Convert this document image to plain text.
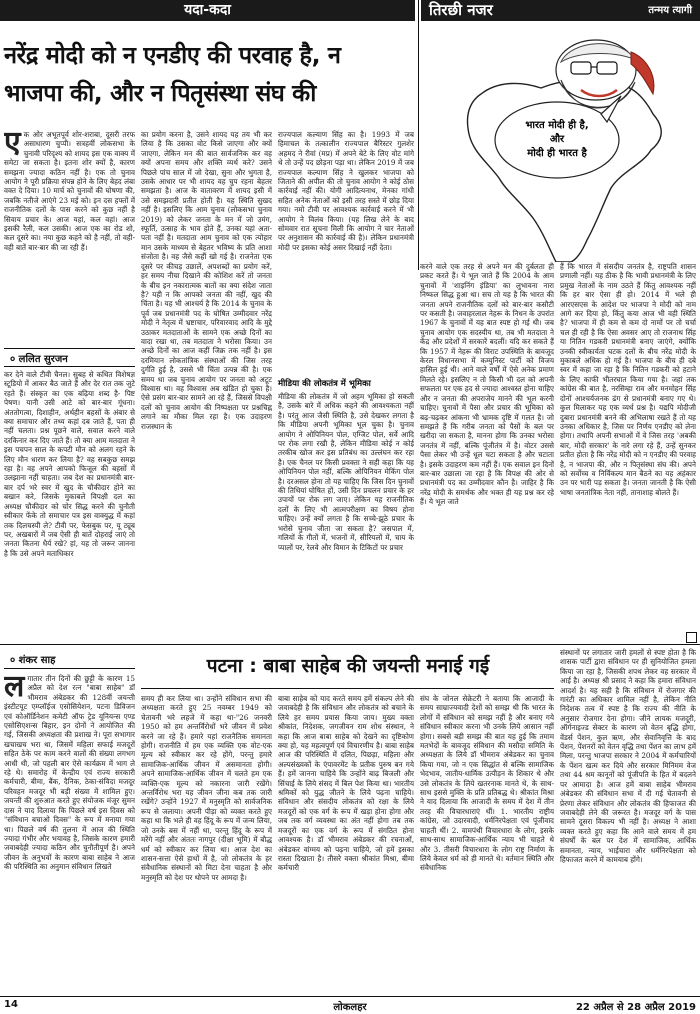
यदा-कदा	तिरछी नजर	तन्मय त्यागी
नरेंद्र मोदी को न एनडीए की परवाह है, न
भाजपा की, और न पितृसंस्था संघ की
भारत मोदी ही है,
और
मोदी ही भारत है
ए क ओर अभूतपूर्व शोर-शराबा, दूसरी तरफ असाधारण चुप्पी। सत्रहवीं लोकसभा के चुनावी परिदृश्य को शायद इस एक वाक्य में समेटा जा सकता है। इतना शोर क्यों है, कारण समझना ज्यादा कठिन नहीं है। एक तो चुनाव आयोग ने पूरी प्रक्रिया संपन्न होने के लिए बेहद लंबा वक्त दे दिया। 10 मार्च को चुनावों की घोषणा की, जबकि नतीजे आएंगे 23 मई को। इन दस हफ्तों में राजनीतिक दलों के पास करने को कुछ नहीं है सिवाय प्रचार के। आज यहां, कल वहां। आज इसकी रैली, कल उसकी। आज एक का रोड शो, कल दूसरे का। नया कुछ कहने को है नहीं, तो वही-वही बातें बार-बार की जा रही हैं।
० ललित सुरजन
कर देने वाले टीवी चैनल। सुबह से कथित विशेषज्ञ स्टूडियो में आकर बैठ जाते हैं और देर रात तक जुटे रहते हैं। संस्कृत का एक बढ़िया शब्द है- पिष्ट पेषण। यानी उसी आटे को बार-बार गूंधना। अंततोगत्वा, दिशाहीन, अर्थहीन बहसों के अंबार से क्या समाचार और तथ्य कहां दब जाते हैं, पता ही नहीं चलता। प्रश्न पूछने वाले, सवाल करने वाले दरकिनार कर दिए जाते हैं। तो क्या आम मतदाता ने इस पचपन साल के कपटी मौन को अलग रहने के लिए मौन धारण कर लिया है? वह सबकुछ समझ रहा है। वह अपने आपको फिजूल की बहसों में उलझाना नहीं चाहता। जब देश का प्रधानमंत्री बार-बार दर्प भरे स्वर में खुद के चौकीदार होने का बखान करे, जिसके मुकाबले विपक्षी दल का अध्यक्ष चौकीदार को चोर सिद्ध करने की चुनौती स्वीकार फेंके तो समाचार पत्र इस वाक्युद्ध में कहां तक दिलचस्पी ले? टीवी पर, फेसबुक पर, यू ट्यूब पर, अखबारों में जब ऐसी ही बातें दोहराई जाएं तो जनता कितना धैर्य रखे? हां, यह तो जरूर जानना है कि उसे अपने मताधिकार
का प्रयोग करना है, उसने शायद यह तय भी कर लिया है कि उसका वोट किसे जाएगा और क्यों जाएगा, लेकिन मन की बात सार्वजनिक कर वह क्यों अपना समय और शक्ति व्यर्थ करे? उसने पिछले पांच साल में जो देखा, सुना और भुगता है, उसके आधार पर भी शायद वह चुप रहना बेहतर समझता है। आज के वातावरण में शायद इसी में उसे समझदारी प्रतीत होती है। यह स्थिति सुखद नहीं है। इसलिए कि आम चुनाव (लोकसभा चुनाव 2019) को लेकर जनता के मन में जो उमंग, स्फूर्ति, उत्साह के भाव होते हैं, उनका यहां अता-पता नहीं है। मतदाता आम चुनाव को एक त्योहार मान उसके माध्यम से बेहतर भविष्य के प्रति आशा संजोता है। वह जैसे कहीं खो गई है। राजनेता एक दूसरे पर कीचड़ उछालें, अपशब्दों का प्रयोग करें, हर समय नीचा दिखाने की कोशिश करें तो जनता के बीच इन नकारात्मक बातों का क्या संदेश जाता है? यही न कि आपको जनता की नहीं, खुद की चिंता है। यह भी आश्चर्य है कि 2014 के चुनाव के पूर्व जब प्रधानमंत्री पद के घोषित उम्मीदवार नरेंद्र मोदी ने नेतृत्व में भ्रष्टाचार, परिवारवाद आदि के मुद्दे उठाकर मतदाताओं के सामने एक अच्छे दिनों का वादा रखा था, तब मतदाता ने भरोसा किया। उन अच्छे दिनों का आज कहीं जिक्र तक नहीं है। इस दरमियान लोकतांत्रिक संस्थाओं की जिस तरह दुर्गति हुई है, उससे भी चिंता उत्पन्न की है। एक समय था जब चुनाव आयोग पर जनता को अटूट विश्वास था। वह विश्वास अब खंडित हो चुका है। ऐसे प्रसंग बार-बार सामने आ रहे हैं, जिससे विपक्षी दलों को चुनाव आयोग की निष्पक्षता पर प्रश्नचिह्न लगाने का मौका मिल रहा है। एक उदाहरण राजस्थान के
राज्यपाल कल्याण सिंह का है। 1993 में जब हिमाचल के तत्कालीन राज्यपाल बैरिस्टर गुलशेर अहमद ने रीवां (मप्र) में अपने बेटे के लिए वोट मांगे थे तो उन्हें पद छोड़ना पड़ा था। लेकिन 2019 में जब राज्यपाल कल्याण सिंह ने खुलकर भाजपा को जिताने की अपील की तो चुनाव आयोग ने कोई ठोस कार्रवाई नहीं की। योगी आदित्यनाथ, मेनका गांधी सहित अनेक नेताओं को इसी तरह सस्ते में छोड़ दिया गया। नमो टीवी पर आवश्यक कार्रवाई करने में भी आयोग ने विलंब किया। (यह लिख लेने के बाद सोमवार रात सूचना मिली कि आयोग ने चार नेताओं पर अनुशासन की कार्रवाई की है)। लेकिन प्रधानमंत्री मोदी पर इसका कोई असर दिखाई नहीं देता।
मीडिया की लोकतंत्र में भूमिका
मीडिया की लोकतंत्र में जो अहम भूमिका हो सकती है, उसके बारे में अधिक कहने की आवश्यकता नहीं है। परंतु आज जैसी स्थिति है, उसे देखकर लगता है कि मीडिया अपनी भूमिका भूल चुका है। चुनाव आयोग ने ओपिनियन पोल, एग्जिट पोल, सर्वे आदि पर रोक लगा रखी है, लेकिन मीडिया कोई न कोई तरकीब खोज कर इस प्रतिबंध का उल्लंघन कर रहा है। एक चैनल पर किसी प्रवक्ता ने सही कहा कि यह ओपिनियन पोल नहीं, बल्कि ओपिनियन मेकिंग पोल है। दरअसल होना तो यह चाहिए कि जिस दिन चुनावों की तिथियां घोषित हों, उसी दिन प्रचलन प्रचार के हर उपायों पर रोक लग जाए। लेकिन यह राजनीतिक दलों के लिए भी आत्मपरीक्षण का विषय होना चाहिए। उन्हें क्यों लगता है कि सच्चे-झूठे प्रचार के भरोसे चुनाव जीता जा सकता है? जसपाल में, गलियों के गीतों में, भजनों में, सीरियलों में, चाय के प्यालों पर, रेलवे और विमान के टिकिटों पर प्रचार
करने वाले एक तरह से अपने मन की दुर्बलता ही प्रकट करते हैं। ये भूल जाते हैं कि 2004 के आम चुनावों में 'शाइनिंग इंडिया' का लुभावना नारा निष्फल सिद्ध हुआ था। सच तो यह है कि भारत की जनता अपने राजनीतिक दलों को बार-बार कसौटी पर कसती है। जवाहरलाल नेहरू के निधन के उपरांत 1967 के चुनावों में यह बात स्पष्ट हो गई थी। जब चुनाव आयोग एक सदस्यीय था, तब भी मतदाता ने केंद्र और प्रदेशों में सरकारें बदलीं। यदि कर सकते हैं कि 1957 में नेहरू की विराट उपस्थिति के बावजूद केरल विधानसभा में कम्युनिस्ट पार्टी को विजय हासिल हुई थी। आने वाले वर्षों में ऐसे अनेक प्रमाण मिलते रहे। इसलिए न तो किसी भी दल को अपनी सफलता पर एक हद से ज्यादा आश्वस्त होना चाहिए और न जनता की अपराजेय मानने की भूल करनी चाहिए। चुनावों में पैसा और प्रचार की भूमिका को बढ़-चढ़कर आंकना भी भ्रामक दृष्टि में गलत है। जो समझते हैं कि गरीब जनता को पैसों के बल पर खरीदा जा सकता है, मानना होगा कि उनका भरोसा जनतंत्र में नहीं, बल्कि पूंजीतंत्र में है। वोटर उससे पैसा लेकर भी उन्हें धूल चटा सकता है और चटाता है। इसके उदाहरण कम नहीं हैं। एक सवाल इन दिनों बार-बार उछाला जा रहा है कि विपक्ष की ओर से प्रधानमंत्री पद का उम्मीदवार कौन है। जाहिर है कि नरेंद्र मोदी के समर्थक और भक्त ही यह प्रश्न कर रहे हैं। ये भूल जाते
हैं कि भारत में संसदीय जनतंत्र है, राष्ट्रपति शासन प्रणाली नहीं। यह ठीक है कि भावी प्रधानमंत्री के लिए प्रमुख नेताओं के नाम उठते हैं किंतु आवश्यक नहीं कि हर बार ऐसा ही हो। 2014 में भले ही आरएसएस के आदेश पर भाजपा ने मोदी को नाम आगे कर दिया हो, किंतु कया आज भी वही स्थिति है? भाजपा में ही कम से कम दो नामों पर तो चर्चा चल ही रही है कि ऐसा अवसर आए तो राजनाथ सिंह या नितिन गडकरी प्रधानमंत्री बनाए जाएंगे, क्योंकि उनकी स्वीकार्यता घटक दलों के बीच नरेंद्र मोदी के मुकाबले अधिक हो गई है। भाजपा के बीच ही दबे स्वर में कहा जा रहा है कि नितिन गडकरी को हटाने के लिए काफी भीतरघात किया गया है। जहां तक कांग्रेस की बात है, नरसिम्हा राव और मनमोहन सिंह दोनों आश्चर्यजनक ढंग से प्रधानमंत्री बनाए गए थे। कुल मिलाकर यह एक व्यर्थ प्रश्न है। यद्यपि मोदीजी दुबारा प्रधानमंत्री बनने की अभिलाषा रखते हैं तो यह उनका अधिकार है, जिस पर निर्णय एनडीए को लेना होगा। तथापि अपनी सभाओं में वे जिस तरह 'अबकी बार, मोदी सरकार' के नारे लगा रहे हैं, उन्हें सुनकर प्रतीत होता है कि नरेंद्र मोदी को न एनडीए की परवाह है, न भाजपा की, और न पितृसंस्था संघ की। अपने को सर्वोच्च व निर्विकल्प मान बैठने का यह अहंकार उन पर भारी पड़ सकता है। जनता जानती है कि ऐसी भाषा जनतांत्रिक नेता नहीं, तानाशाह बोलते हैं।
० शंकर साह	पटना : बाबा साहेब की जयन्ती मनाई गई
ल गातार तीन दिनों की छुट्टी के कारण 15 अप्रैल को देश रत्न "बाबा साहेब" डॉ भीमराव अंबेडकर की 128वीं जयन्ती इंस्टीटयूट एम्प्लॉईज एसोसियेशन, पटना डिविजन एवं कोऑर्डिनेशन कमेटी ऑफ ट्रेड यूनियन्स एण्ड एसोसिएशन्स बिहार, इन दोनों ने आयोजित की गई, जिसकी अध्यक्षता की प्रशाख ने। पूरा सभागार खचाखच भरा था, जिसमें महिला सफाई मजदूरों सहित ठेके पर काम करने वालों की संख्या लगभग आधी थी, जो पहली बार ऐसे कार्यक्रम में भाग ले रहे थे। समारोह में केन्द्रीय एवं राज्य सरकारी कर्मचारी, बीमा, बैंक, दैनिक, ठेका-संविदा मजदूर परिवहन मजदूर भी बड़ी संख्या में शामिल हुए। जयन्ती की शुरुआत करते हुए संयोजक मंजूर सुमन दास ने याद दिलाया कि पिछले वर्ष इस दिवस को "संविधान बचाओ दिवस" के रूप में मनाया गया था। पिछले वर्ष की तुलना में आज की स्थिति ज्यादा गंभीर और भयावह है, जिसके कारण हमारी जवाबदेही ज्यादा कठिन और चुनौतीपूर्ण है। अपने जीवन के अनुभवों के कारण बाबा साहेब ने आज की परिस्थिति का अनुमान संविधान लिखते
समय ही कर लिया था। उन्होंने संविधान सभा की अध्यक्षता करते हुए 25 नवम्बर 1949 को चेतावनी भरे लहजे में कहा था-"26 जनवरी 1950 को हम अन्तर्विरोधों भरे जीवन में प्रवेश करने जा रहे हैं। हमारे यहां राजनैतिक समानता होगी। राजनीति में हम एक व्यक्ति एक वोट-एक मूल्य को स्वीकार कर रहे होंगे, परन्तु हमारे सामाजिक-आर्थिक जीवन में असमानता होगी। अपने सामाजिक-आर्थिक जीवन में चलते हम एक व्यक्ति-एक मूल्य को नकारना जारी रखेंगे। अन्तर्विरोध भरा यह जीवन जीना कब तक जारी रखेंगे? उन्होंने 1927 में मनुस्मृति को सार्वजनिक रूप से जलाया। अपनी पीड़ा को व्यक्त करते हुए कहा था कि भले ही वह हिंदू के रूप में जन्म लिया, जो उनके बस में नहीं था, परन्तु हिंदू के रूप में मरेंगे नहीं और अंततः नागपुर (दीक्षा भूमि) में बौद्ध धर्म को स्वीकार कर लिया था। आज देश का शासन-सत्ता ऐसे हाथों में है, जो लोकतंत्र के हर संवैधानिक संस्थानों को मिटा देना चाहता है और मनुस्मृति को देश पर थोपने पर आमदा है।
बाबा साहेब को याद करते समय हमें संकल्प लेने की जवाबदेही है कि संविधान और लोकतंत्र को बचाने के लिये हर समय प्रयास किया जाय। मुख्य वक्ता श्रीकांत, निदेशक, जगजीवन राम शोध संस्थान, ने कहा कि आज बाबा साहेब को देखने का दृष्टिकोण क्या हो, यह महत्वपूर्ण एवं विचारणीय है। बाबा साहेब आज की परिस्थिति में दलित, पिछड़ा, महिला और अल्पसंख्यकों के एंपावरमेंट के प्रतीक पुरुष बन गये हैं। हमें जानना चाहिये कि उन्होंने बाढ़ बिजली और सिंचाई के लिये संसद में बिल पेश किया था। भारतीय श्रमिकों को युद्ध जीतने के लिये पढ़ना चाहिये। संविधान और संसदीय लोकतंत्र को रक्षा के लिये मजदूरों को एक वर्ग के रूप में खड़ा होना होगा और जब तक वर्ग व्यवस्था का अंत नहीं होगा तब तक मजदूरों का एक वर्ग के रूप में संगठित होना आवश्यक है। डॉ भीमराव अंबेडकर की रचनाओं, अंबेडकर वांग्मय को पढ़ना चाहिये, जो हमें इसका रास्ता दिखाता है। तीसरे वक्ता श्रीकांत मिश्रा, बीमा कर्मचारी
संघ के जोनल सेक्रेटरी ने बताया कि आजादी के समय साम्राज्यवादी देशों को समझ थी कि भारत के लोगों में संविधान को समझ नहीं है और बनाए गये संविधान स्वीकार करना भी उनके लिये आसान नहीं होगा। सबसे बड़ी समझ की बात यह हुई कि तमाम मतभेदों के बावजूद संविधान की मसौदा समिति के अध्यक्षता के लिये डॉ भीमराव अंबेडकर का चुनाव किया गया, जो न एक सिद्धांत से बल्कि सामाजिक भेदभाव, जातीय-धार्मिक उत्पीड़न के शिकार थे और उसे लोकतंत्र के लिये खतरनाक मानते थे, के साथ-साथ इससे मुक्ति के प्रति प्रतिबद्ध थे। श्रीकांत मिश्रा ने याद दिलाया कि आजादी के समय में देश में तीन तरह की विचारधाराएं थीं। 1. भारतीय राष्ट्रीय कांग्रेस, जो उदारवादी, धर्मनिरपेक्षता एवं पूंजीवाद चाहती थीं। 2. वामपंथी विचारधारा के लोग, इसके साथ-साथ सामाजिक-आर्थिक न्याय भी चाहते थे और 3. तीसरी विचारधारा के लोग राष्ट्र निर्माण के लिये केवल धर्म को ही मानते थे। वर्तमान स्थिति और संवैधानिक
संस्थानों पर लगातार जारी हमलों से स्पष्ट होता है कि शासक पार्टी द्वारा संविधान पर ही सुनियोजित हमला किया जा रहा है, जिसकी शपथ लेकर वह सरकार में आई है। अध्यक्ष श्री प्रसाद ने कहा कि हमारा संविधान आदर्श है। यह सही है कि संविधान में रोजगार की गारंटी का अधिकार शामिल नहीं है, लेकिन नीति निदेशक तत्व में स्पष्ट है कि राज्य की नीति के अनुसार रोजगार देना होगा। जीने लायक मजदूरी, ऑर्गनाइज्ड सेक्टर के कारण जो वेतन बृद्धि होगा, वेंडर्स पेंशन, कुल ऋण, और सेवानिवृत्ति के बाद पेंशन, पेंशनरों को वेतन वृद्धि तथा पेंशन का लाभ हमें मिला, परन्तु भाजपा सरकार ने 2004 में कर्मचारियों के पेंशन खत्म कर दिये और सरकार मिनिमम वेज तथा 44 श्रम कानूनों को पूंजीपति के हित में बदलने पर आमादा है। आज हमें बाबा साहेब भीमराव अंबेडकर की संविधान सभा में दी गई चेतावनी से प्रेरणा लेकर संविधान और लोकतंत्र की हिफाजत की जवाबदेही लेने की जरूरत है। मजदूर वर्ग के पास सामने दूसरा विकल्प भी नहीं है। अध्यक्ष ने आशा व्यक्त करते हुए कहा कि आने वाले समय में हम संघर्षों के बल पर देश में सामाजिक, आर्थिक समानता, न्याय, भाईचारा और धर्मनिरपेक्षता को हिफाजत करने में कामयाब होंगे।
14	लोकलहर	22 अप्रैल से 28 अप्रैल 2019
